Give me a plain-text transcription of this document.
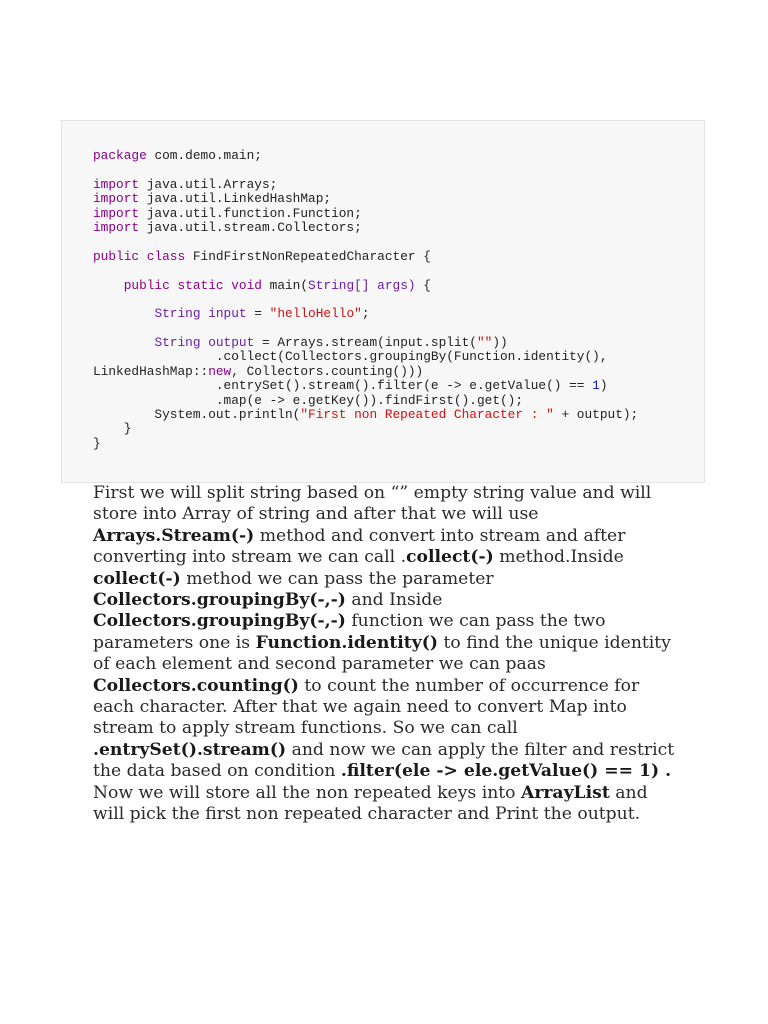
package com.demo.main;
import java.util.Arrays;
import java.util.LinkedHashMap;
import java.util.function.Function;
import java.util.stream.Collectors;
public class FindFirstNonRepeatedCharacter {
public static void main(String[] args) {
String input = "helloHello";
String output = Arrays.stream(input.split(""))
.collect(Collectors.groupingBy(Function.identity(),
LinkedHashMap::new, Collectors.counting()))
.entrySet().stream().filter(e -> e.getValue() == 1)
.map(e -> e.getKey()).findFirst().get();
System.out.println("First non Repeated Character : " + output);
}
}

First we will split string based on “” empty string value and will store into Array of string and after that we will use Arrays.Stream(-) method and convert into stream and after converting into stream we can call .collect(-) method.Inside collect(-) method we can pass the parameter Collectors.groupingBy(-,-) and Inside Collectors.groupingBy(-,-) function we can pass the two parameters one is Function.identity() to find the unique identity of each element and second parameter we can paas Collectors.counting() to count the number of occurrence for each character. After that we again need to convert Map into stream to apply stream functions. So we can call .entrySet().stream() and now we can apply the filter and restrict the data based on condition .filter(ele -> ele.getValue() == 1) . Now we will store all the non repeated keys into ArrayList and will pick the first non repeated character and Print the output.
